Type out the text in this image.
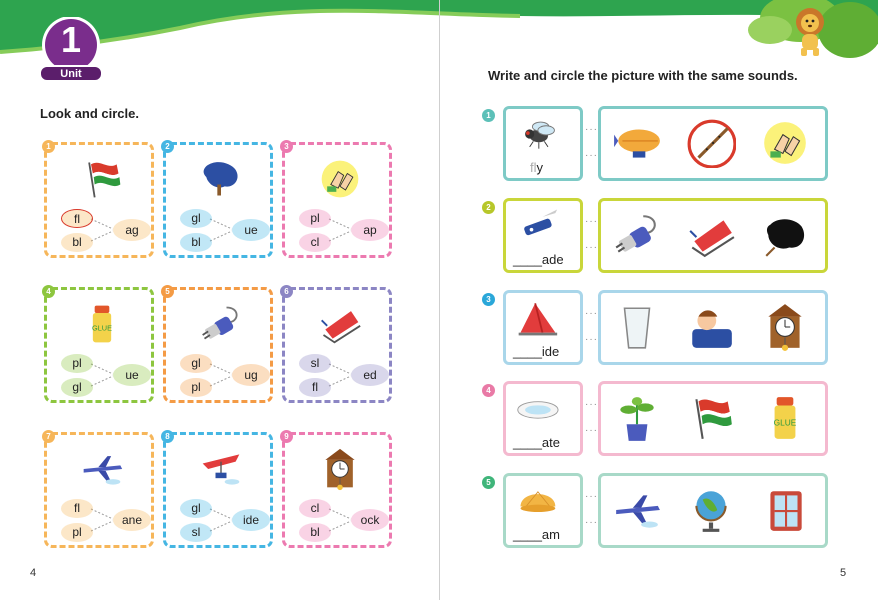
1
Unit
Look and circle.
Write and circle the picture with the same sounds.
4	5
1
fl
bl
ag
2
gl
bl
ue
3
pl
cl
ap
4
GLUE
pl
gl
ue
5
gl
pl
ug
6
sl
fl
ed
7
fl
pl
ane
8
gl
sl
ide
9
cl
bl
ock
1
fly
···
···
2
____ade
···
···
3
____ide
···
···
4
____ate
···
···
GLUE
5
____am
···
···
